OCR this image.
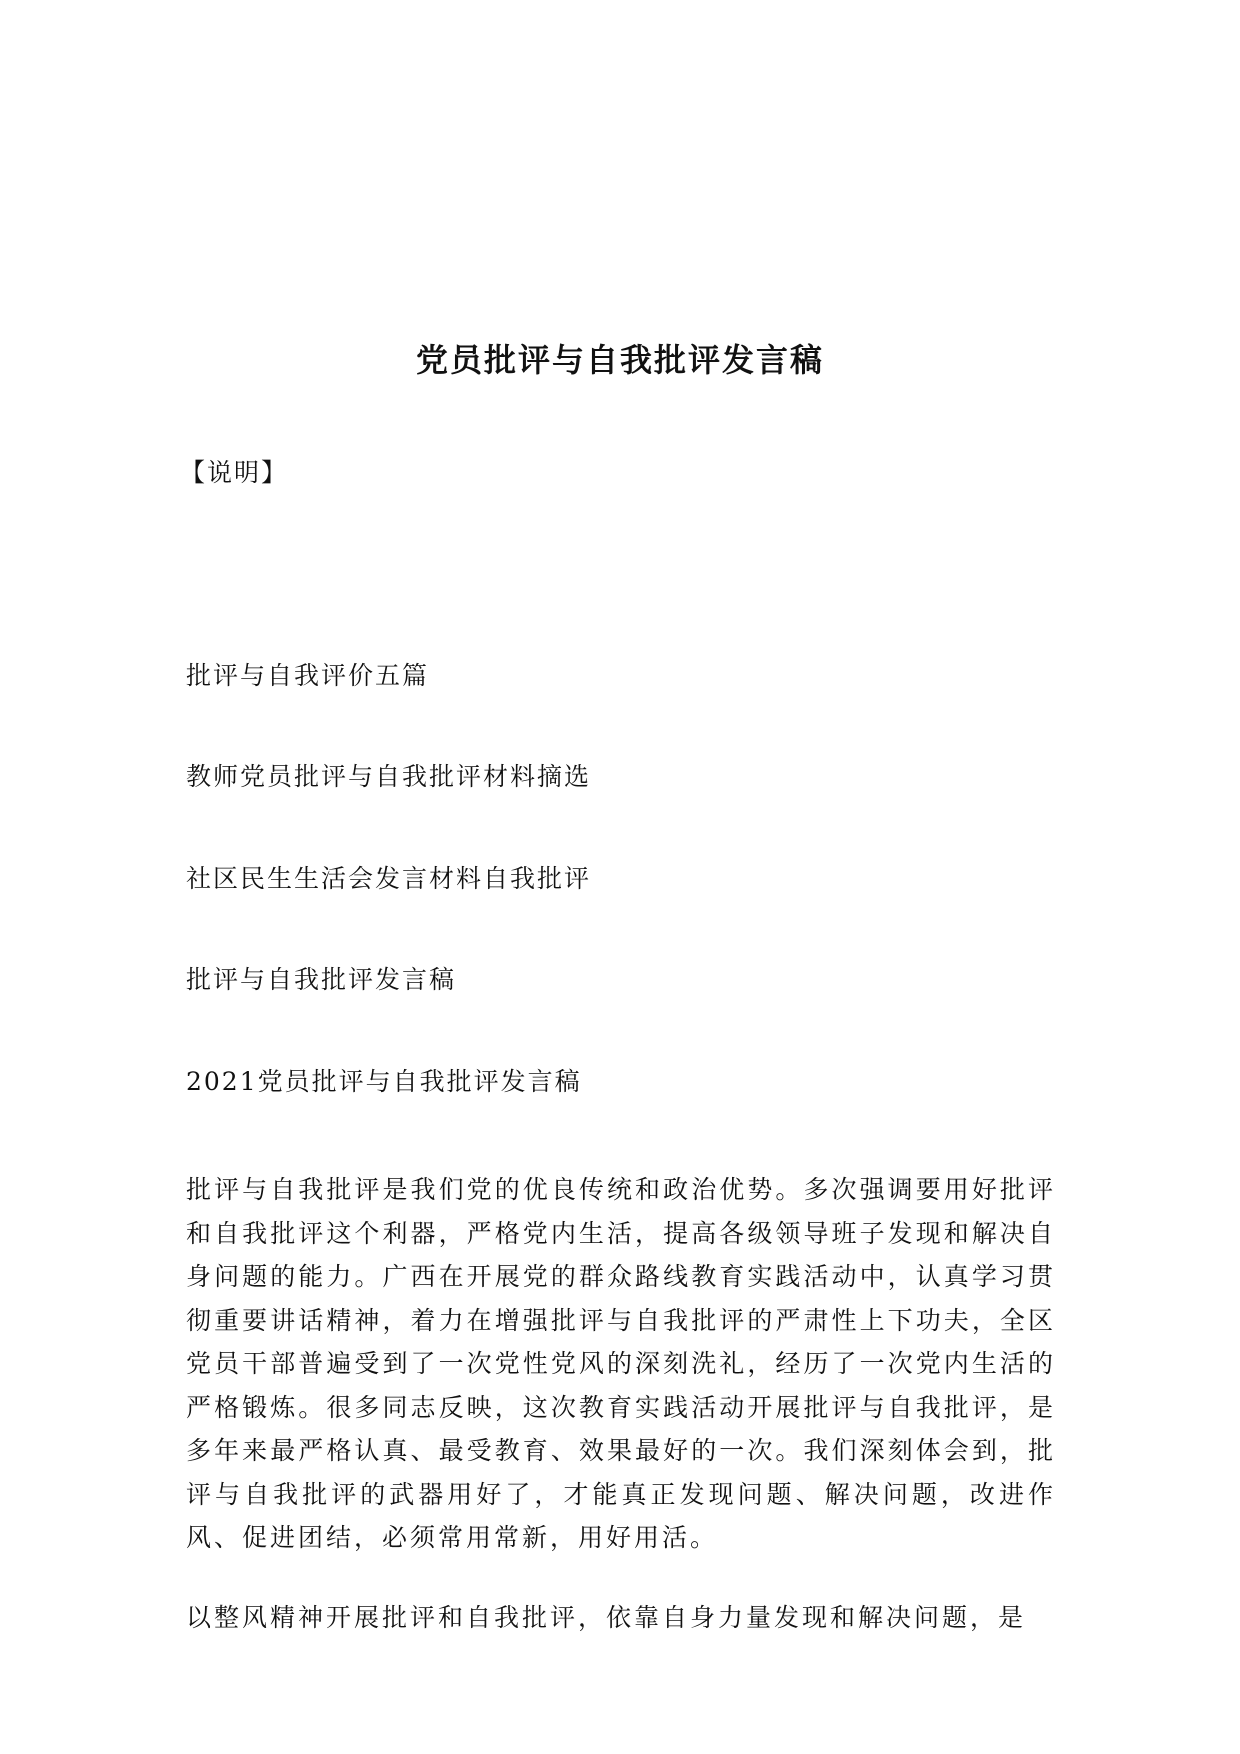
党员批评与自我批评发言稿
【说明】
批评与自我评价五篇
教师党员批评与自我批评材料摘选
社区民生生活会发言材料自我批评
批评与自我批评发言稿
2021党员批评与自我批评发言稿
批评与自我批评是我们党的优良传统和政治优势。多次强调要用好批评和自我批评这个利器，严格党内生活，提高各级领导班子发现和解决自身问题的能力。广西在开展党的群众路线教育实践活动中，认真学习贯彻重要讲话精神，着力在增强批评与自我批评的严肃性上下功夫，全区党员干部普遍受到了一次党性党风的深刻洗礼，经历了一次党内生活的严格锻炼。很多同志反映，这次教育实践活动开展批评与自我批评，是多年来最严格认真、最受教育、效果最好的一次。我们深刻体会到，批评与自我批评的武器用好了，才能真正发现问题、解决问题，改进作风、促进团结，必须常用常新，用好用活。
以整风精神开展批评和自我批评，依靠自身力量发现和解决问题，是
